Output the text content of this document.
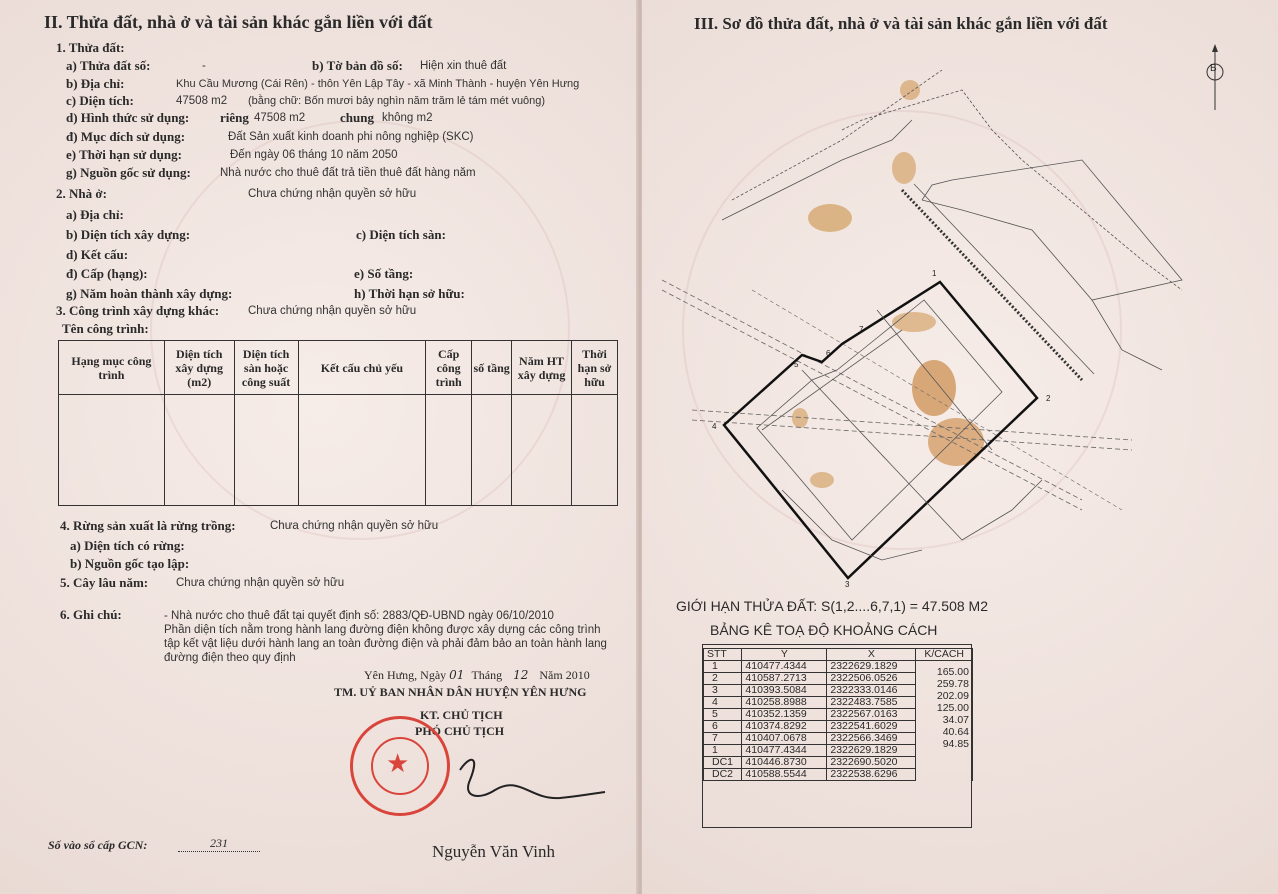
II. Thửa đất, nhà ở và tài sản khác gắn liền với đất
1. Thửa đất:
a) Thửa đất số:	-	b) Tờ bản đồ số: Hiện xin thuê đất
b) Địa chỉ:	Khu Cầu Mương (Cái Rên) - thôn Yên Lập Tây - xã Minh Thành - huyện Yên Hưng
c) Diện tích:	47508 m2 (bằng chữ: Bốn mươi bảy nghìn năm trăm lẻ tám mét vuông)
d) Hình thức sử dụng: riêng 47508 m2	chung không m2
đ) Mục đích sử dụng:	Đất Sản xuất kinh doanh phi nông nghiệp (SKC)
e) Thời hạn sử dụng:	Đến ngày 06 tháng 10 năm 2050
g) Nguồn gốc sử dụng:	Nhà nước cho thuê đất trả tiền thuê đất hàng năm
2. Nhà ở:	Chưa chứng nhận quyền sở hữu
a) Địa chỉ:
b) Diện tích xây dựng:	c) Diện tích sàn:
d) Kết cấu:
đ) Cấp (hạng):	e) Số tầng:
g) Năm hoàn thành xây dựng:	h) Thời hạn sở hữu:
3. Công trình xây dựng khác:	Chưa chứng nhận quyền sở hữu
Tên công trình:
Hạng mục công trình	Diện tích xây dựng (m2)	Diện tích sàn hoặc công suất	Kết cấu chủ yếu	Cấp công trình	số tầng	Năm HT xây dựng	Thời hạn sở hữu

4. Rừng sản xuất là rừng trồng:	Chưa chứng nhận quyền sở hữu
a) Diện tích có rừng:
b) Nguồn gốc tạo lập:
5. Cây lâu năm: Chưa chứng nhận quyền sở hữu
6. Ghi chú:	- Nhà nước cho thuê đất tại quyết định số: 2883/QĐ-UBND ngày 06/10/2010
Phần diện tích nằm trong hành lang đường điện không được xây dựng các công trình
tập kết vật liệu dưới hành lang an toàn đường điện và phải đảm bảo an toàn hành lang
đường điện theo quy định
Yên Hưng, Ngày 01 Tháng 12 Năm 2010
TM. UỶ BAN NHÂN DÂN HUYỆN YÊN HƯNG
KT. CHỦ TỊCH
PHÓ CHỦ TỊCH
★
Nguyễn Văn Vinh
Số vào sổ cấp GCN:	231
III. Sơ đồ thửa đất, nhà ở và tài sản khác gắn liền với đất
B
1
2
3
4
5
6
7
GIỚI HẠN THỬA ĐẤT: S(1,2....6,7,1) = 47.508 M2
BẢNG KÊ TOẠ ĐỘ KHOẢNG CÁCH
STT	Y	X	K/CÁCH
1	410477.4344	2322629.1829	165.00
2	410587.2713	2322506.0526	259.78
3	410393.5084	2322333.0146	202.09
4	410258.8988	2322483.7585	125.00
5	410352.1359	2322567.0163	34.07
6	410374.8292	2322541.6029	40.64
7	410407.0678	2322566.3469	94.85
1	410477.4344	2322629.1829	
DC1	410446.8730	2322690.5020	
DC2	410588.5544	2322538.6296	
